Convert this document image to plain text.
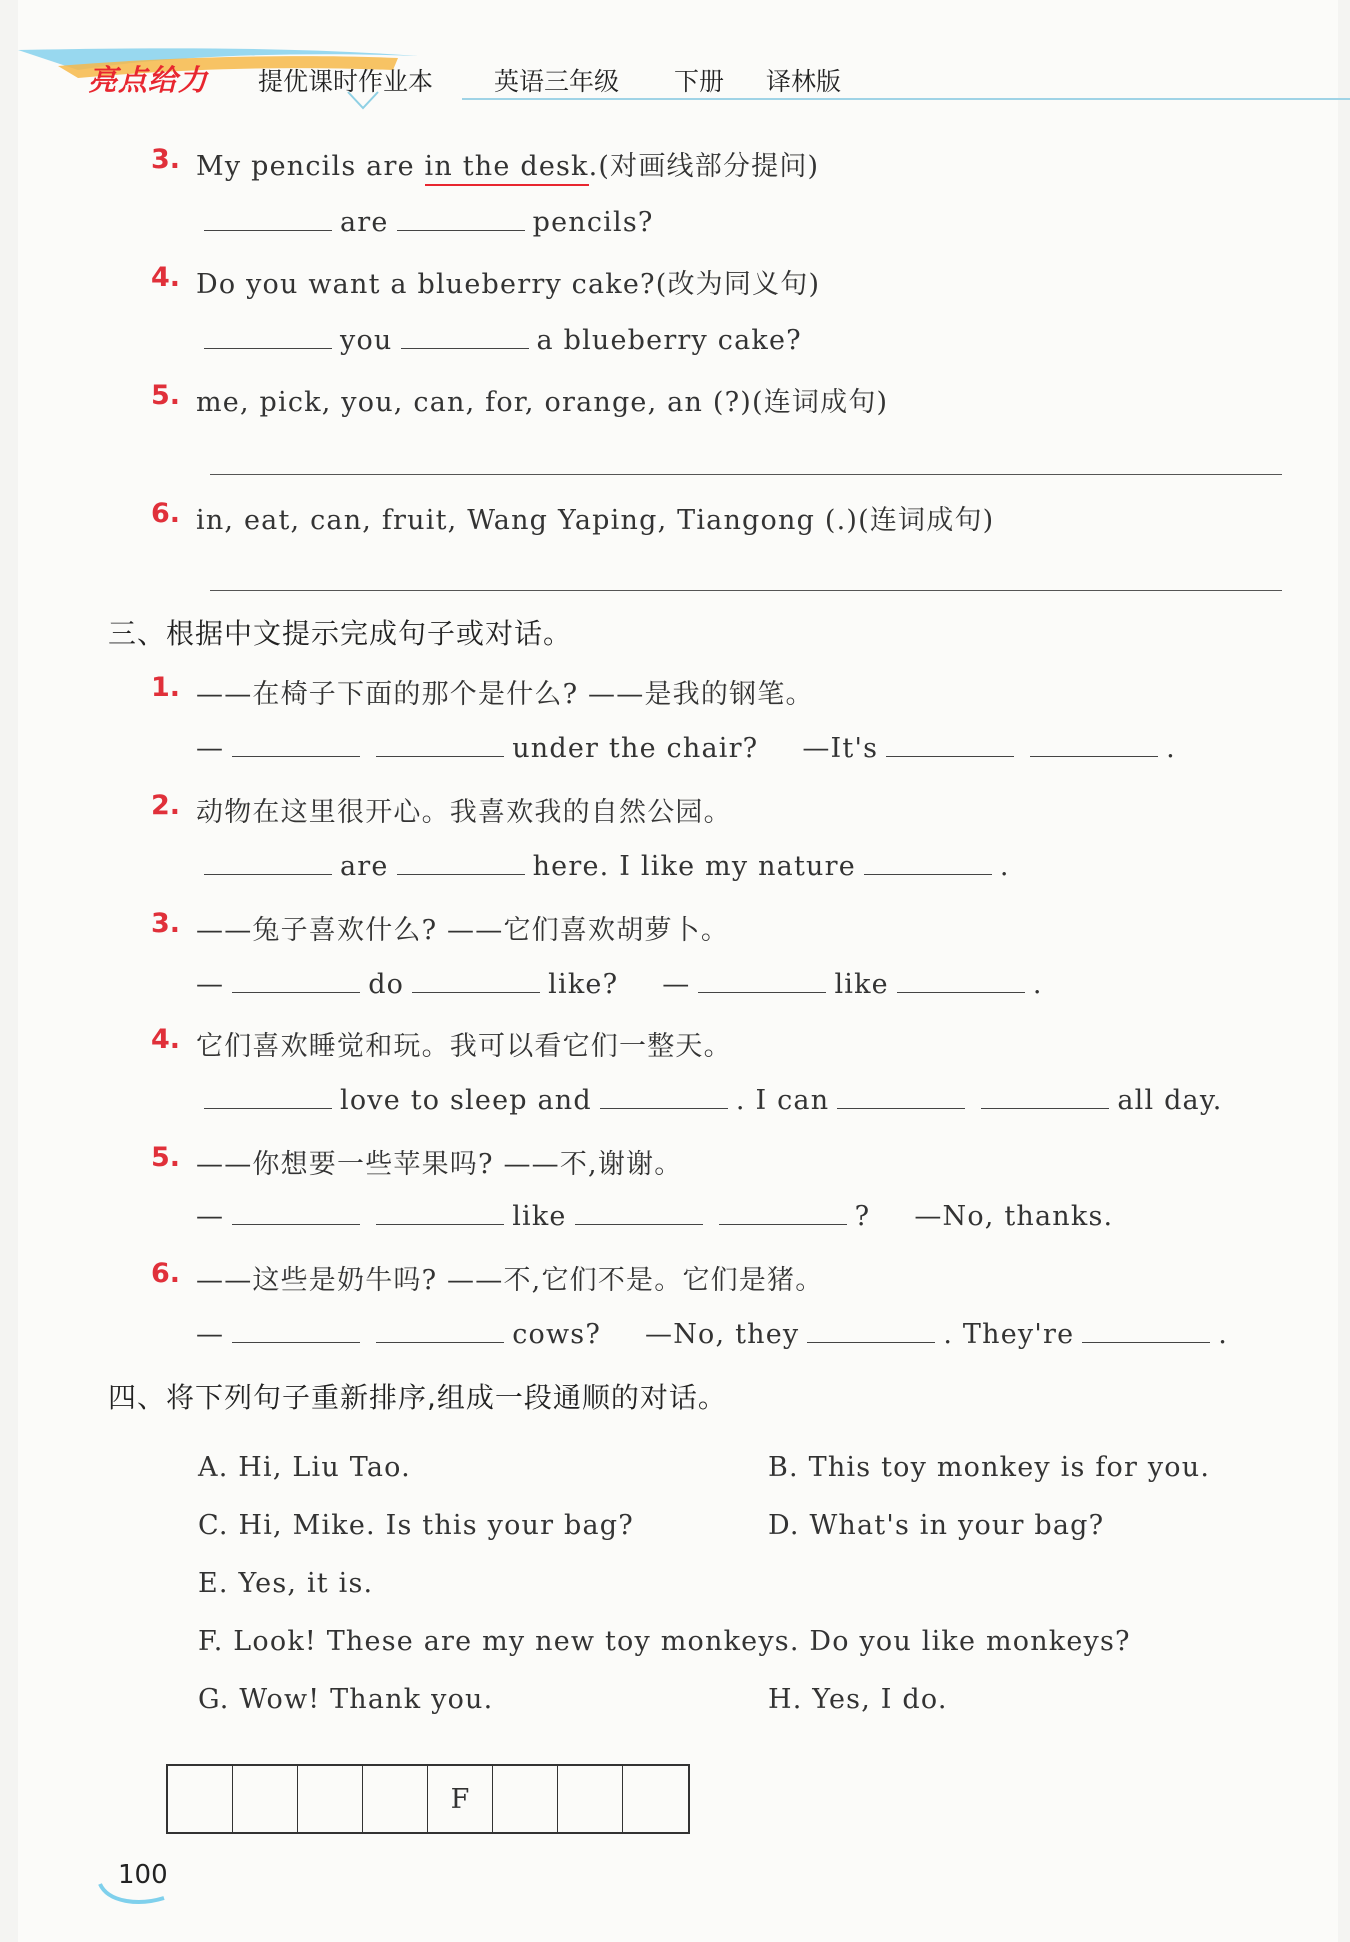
亮点给力 提优课时作业本 英语三年级 下册 译林版
3. My pencils are in the desk.(对画线部分提问)
are	pencils?
4. Do you want a blueberry cake?(改为同义句)
you	a blueberry cake?
5. me, pick, you, can, for, orange, an (?)(连词成句)
6. in, eat, can, fruit, Wang Yaping, Tiangong (.)(连词成句)
三、根据中文提示完成句子或对话。
1. ——在椅子下面的那个是什么? ——是我的钢笔。
—	under the chair? —It's	.
2. 动物在这里很开心。我喜欢我的自然公园。
are	here. I like my nature	.
3. ——兔子喜欢什么? ——它们喜欢胡萝卜。
—	do	like? —	like	.
4. 它们喜欢睡觉和玩。我可以看它们一整天。
love to sleep and	. I can	all day.
5. ——你想要一些苹果吗? ——不,谢谢。
—	like	? —No, thanks.
6. ——这些是奶牛吗? ——不,它们不是。它们是猪。
—	cows? —No, they	. They're	.
四、将下列句子重新排序,组成一段通顺的对话。
A. Hi, Liu Tao.	B. This toy monkey is for you.
C. Hi, Mike. Is this your bag?	D. What's in your bag?
E. Yes, it is.
F. Look! These are my new toy monkeys. Do you like monkeys?
G. Wow! Thank you.	H. Yes, I do.
F
100
